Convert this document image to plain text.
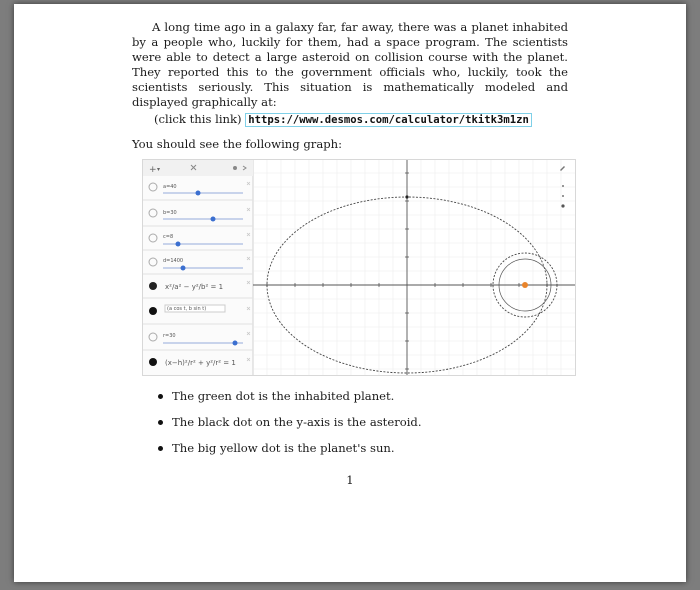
A long time ago in a galaxy far, far away, there was a planet inhabited by a people who, luckily for them, had a space program. The scientists were able to detect a large asteroid on collision course with the planet. They reported this to the government officials who, luckily, took the scientists seriously. This situation is mathematically modeled and displayed graphically at:

(click this link) https://www.desmos.com/calculator/tkitk3m1zn

You should see the following graph:

+ ▾
a=40
b=30
c=8
d=1400
x²/a² − y²/b² = 1
(a cos t, b sin t)
r=30
(x−h)²/r² + y²/r² = 1
The green dot is the inhabited planet.
The black dot on the y-axis is the asteroid.
The big yellow dot is the planet's sun.
1
